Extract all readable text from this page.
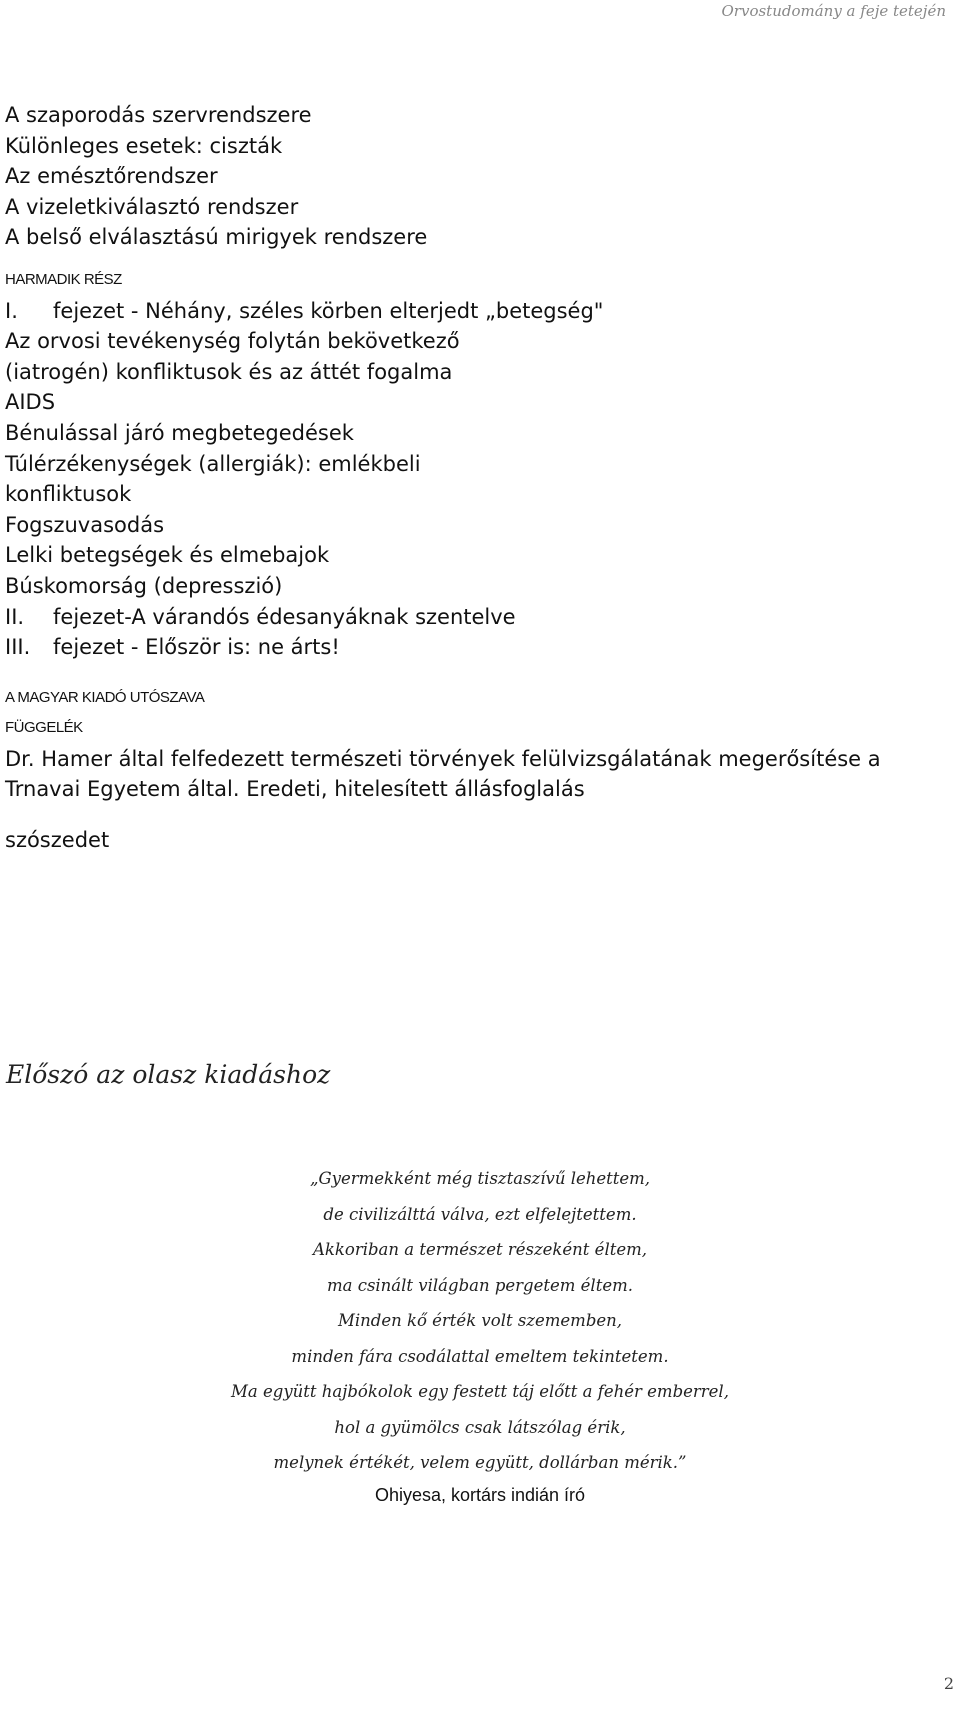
Orvostudomány a feje tetején
A szaporodás szervrendszere
Különleges esetek: ciszták
Az emésztőrendszer
A vizeletkiválasztó rendszer
A belső elválasztású mirigyek rendszere
HARMADIK RÉSZ
I.	fejezet - Néhány, széles körben elterjedt „betegség"
Az orvosi tevékenység folytán bekövetkező
(iatrogén) konfliktusok és az áttét fogalma
AIDS
Bénulással járó megbetegedések
Túlérzékenységek (allergiák): emlékbeli
konfliktusok
Fogszuvasodás
Lelki betegségek és elmebajok
Búskomorság (depresszió)
II.	fejezet-A várandós édesanyáknak szentelve
III.	fejezet - Először is: ne árts!
A MAGYAR KIADÓ UTÓSZAVA
FÜGGELÉK
Dr. Hamer által felfedezett természeti törvények felülvizsgálatának megerősítése a
Trnavai Egyetem által. Eredeti, hitelesített állásfoglalás
szószedet
Előszó az olasz kiadáshoz
„Gyermekként még tisztaszívű lehettem,
de civilizálttá válva, ezt elfelejtettem.
Akkoriban a természet részeként éltem,
ma csinált világban pergetem éltem.
Minden kő érték volt szememben,
minden fára csodálattal emeltem tekintetem.
Ma együtt hajbókolok egy festett táj előtt a fehér emberrel,
hol a gyümölcs csak látszólag érik,
melynek értékét, velem együtt, dollárban mérik.”
Ohiyesa, kortárs indián író
2
